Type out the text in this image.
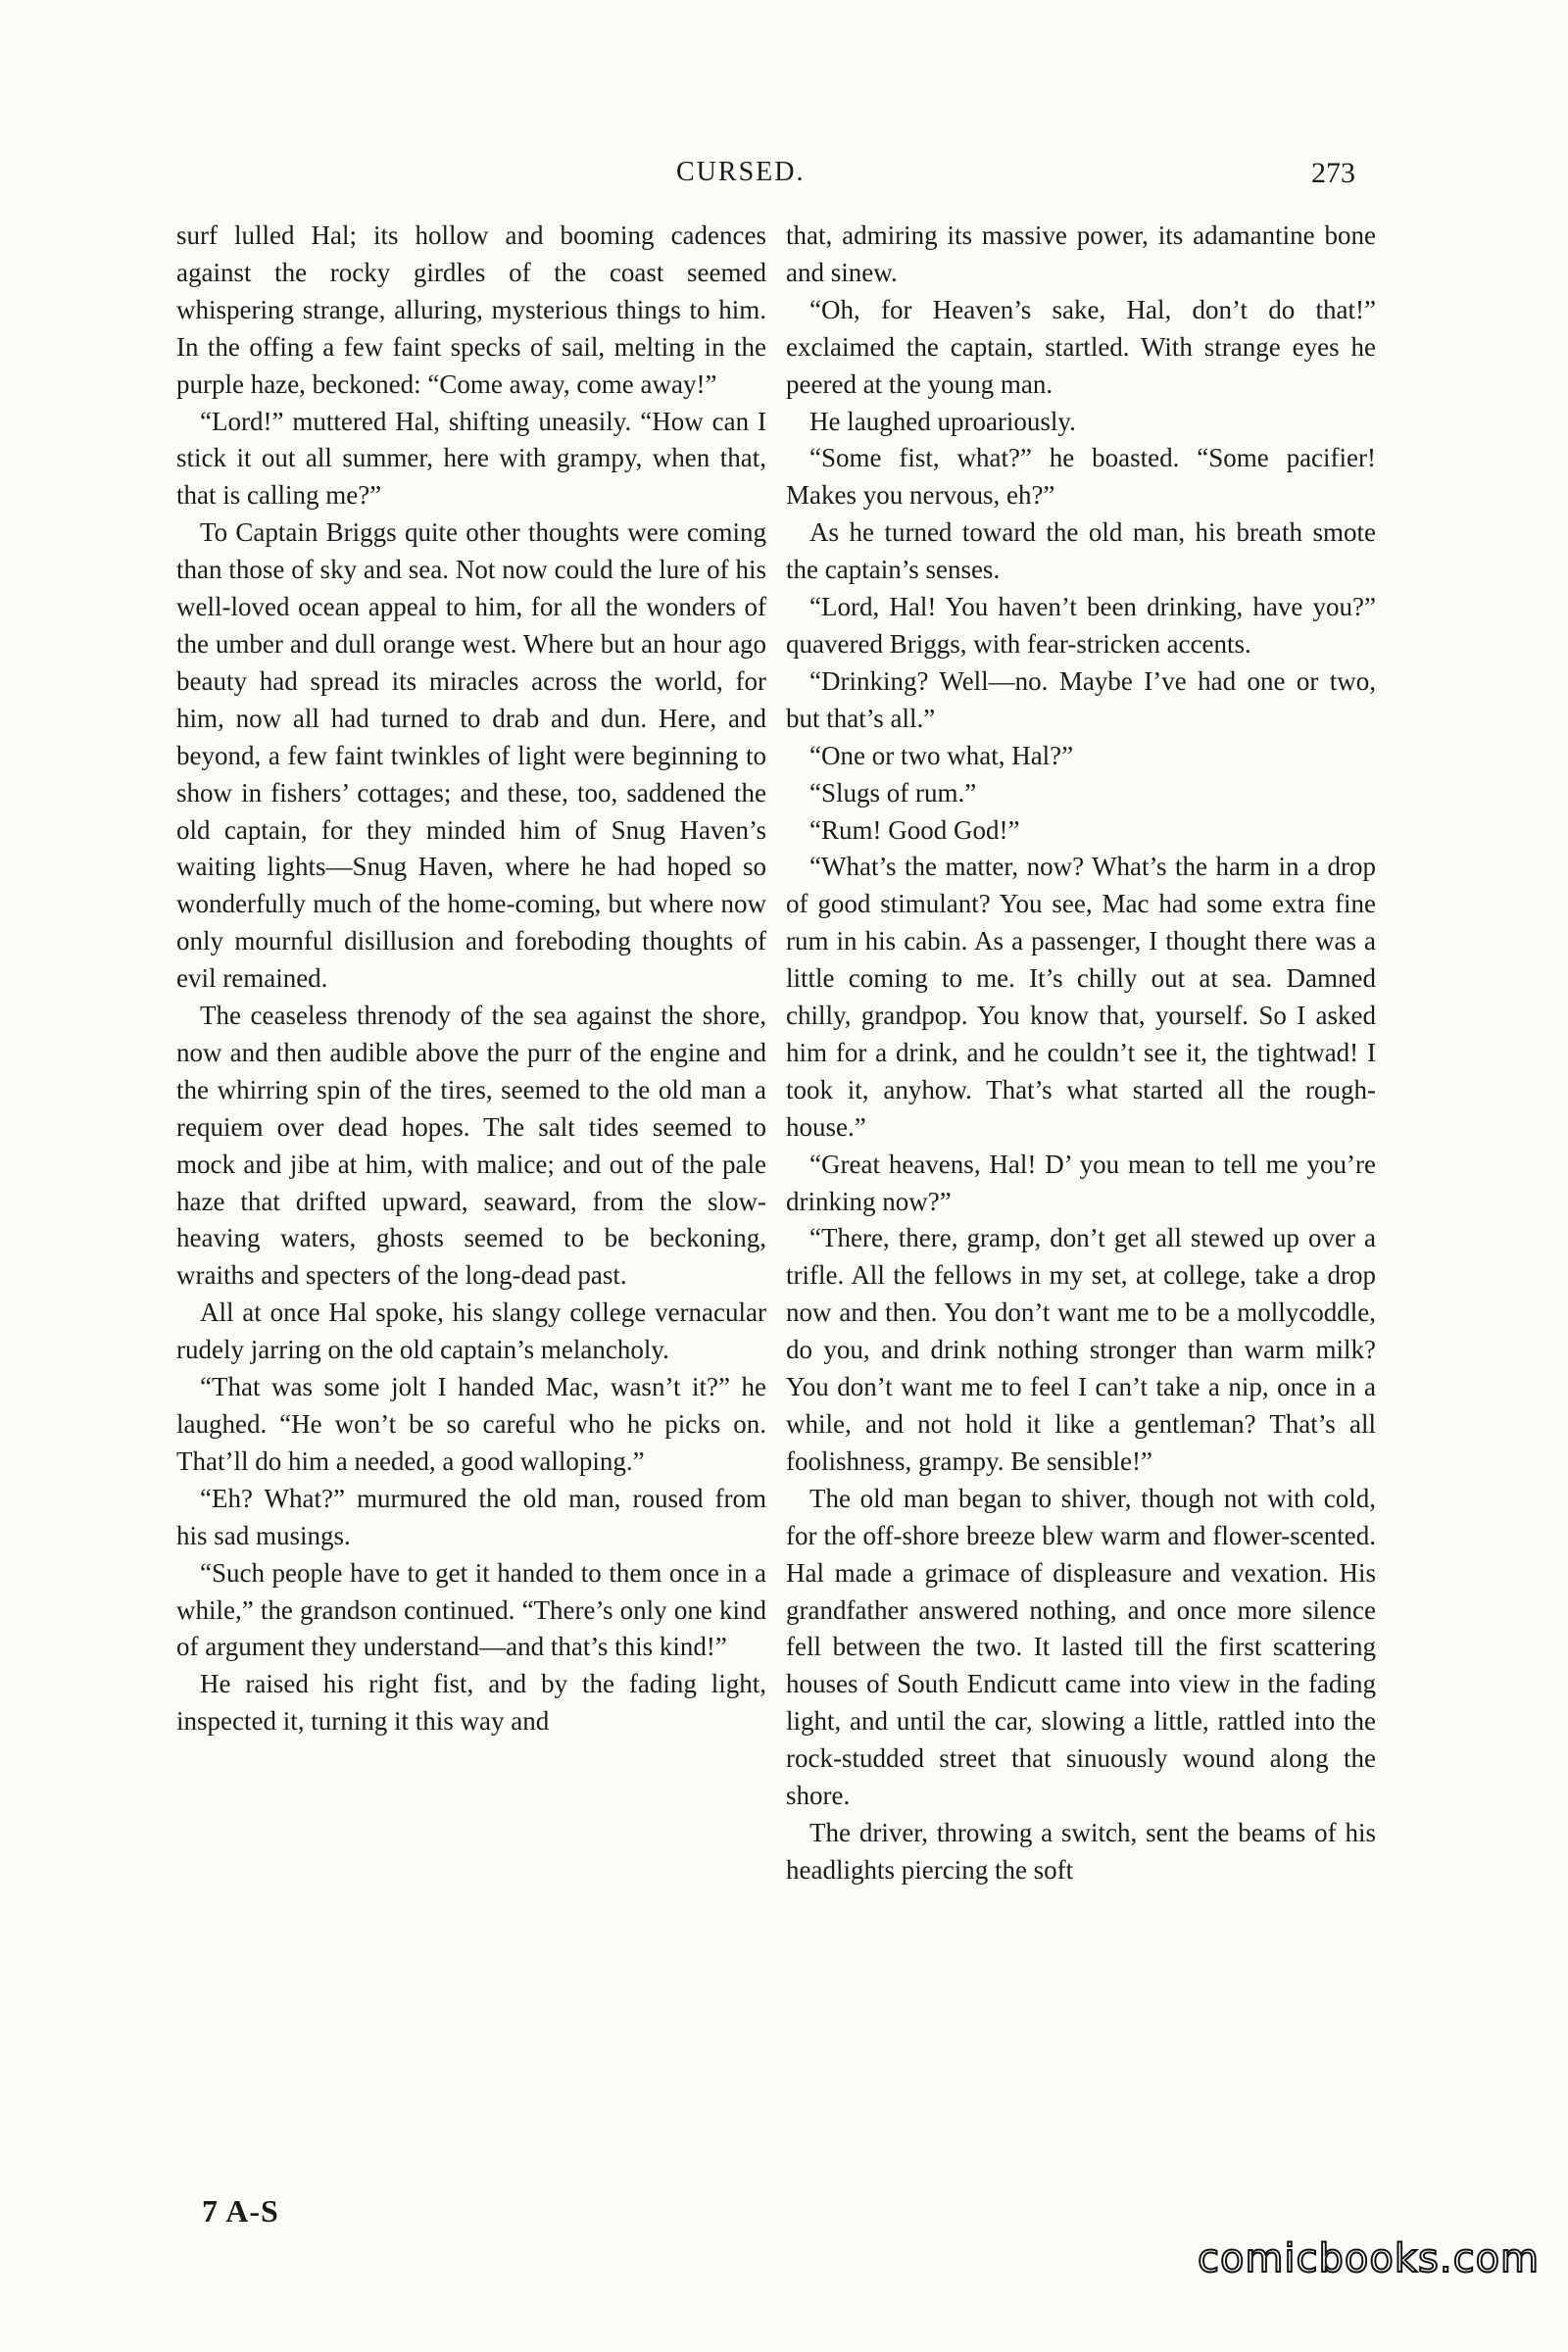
CURSED.	273

surf lulled Hal; its hollow and booming cadences against the rocky girdles of the coast seemed whispering strange, alluring, mysterious things to him. In the offing a few faint specks of sail, melting in the purple haze, beckoned: “Come away, come away!”

“Lord!” muttered Hal, shifting uneasily. “How can I stick it out all summer, here with grampy, when that, that is calling me?”

To Captain Briggs quite other thoughts were coming than those of sky and sea. Not now could the lure of his well-loved ocean appeal to him, for all the wonders of the umber and dull orange west. Where but an hour ago beauty had spread its miracles across the world, for him, now all had turned to drab and dun. Here, and beyond, a few faint twinkles of light were beginning to show in fishers’ cottages; and these, too, saddened the old captain, for they minded him of Snug Haven’s waiting lights—Snug Haven, where he had hoped so wonderfully much of the home-coming, but where now only mournful disillusion and foreboding thoughts of evil remained.

The ceaseless threnody of the sea against the shore, now and then audible above the purr of the engine and the whirring spin of the tires, seemed to the old man a requiem over dead hopes. The salt tides seemed to mock and jibe at him, with malice; and out of the pale haze that drifted upward, seaward, from the slow-heaving waters, ghosts seemed to be beckoning, wraiths and specters of the long-dead past.

All at once Hal spoke, his slangy college vernacular rudely jarring on the old captain’s melancholy.

“That was some jolt I handed Mac, wasn’t it?” he laughed. “He won’t be so careful who he picks on. That’ll do him a needed, a good walloping.”

“Eh? What?” murmured the old man, roused from his sad musings.

“Such people have to get it handed to them once in a while,” the grandson continued. “There’s only one kind of argument they understand—and that’s this kind!”

He raised his right fist, and by the fading light, inspected it, turning it this way and

that, admiring its massive power, its adamantine bone and sinew.

“Oh, for Heaven’s sake, Hal, don’t do that!” exclaimed the captain, startled. With strange eyes he peered at the young man.

He laughed uproariously.

“Some fist, what?” he boasted. “Some pacifier! Makes you nervous, eh?”

As he turned toward the old man, his breath smote the captain’s senses.

“Lord, Hal! You haven’t been drinking, have you?” quavered Briggs, with fear-stricken accents.

“Drinking? Well—no. Maybe I’ve had one or two, but that’s all.”

“One or two what, Hal?”

“Slugs of rum.”

“Rum! Good God!”

“What’s the matter, now? What’s the harm in a drop of good stimulant? You see, Mac had some extra fine rum in his cabin. As a passenger, I thought there was a little coming to me. It’s chilly out at sea. Damned chilly, grandpop. You know that, yourself. So I asked him for a drink, and he couldn’t see it, the tightwad! I took it, anyhow. That’s what started all the rough-house.”

“Great heavens, Hal! D’ you mean to tell me you’re drinking now?”

“There, there, gramp, don’t get all stewed up over a trifle. All the fellows in my set, at college, take a drop now and then. You don’t want me to be a mollycoddle, do you, and drink nothing stronger than warm milk? You don’t want me to feel I can’t take a nip, once in a while, and not hold it like a gentleman? That’s all foolishness, grampy. Be sensible!”

The old man began to shiver, though not with cold, for the off-shore breeze blew warm and flower-scented. Hal made a grimace of displeasure and vexation. His grandfather answered nothing, and once more silence fell between the two. It lasted till the first scattering houses of South Endicutt came into view in the fading light, and until the car, slowing a little, rattled into the rock-studded street that sinuously wound along the shore.

The driver, throwing a switch, sent the beams of his headlights piercing the soft

7 A-S
comicbooks.com
